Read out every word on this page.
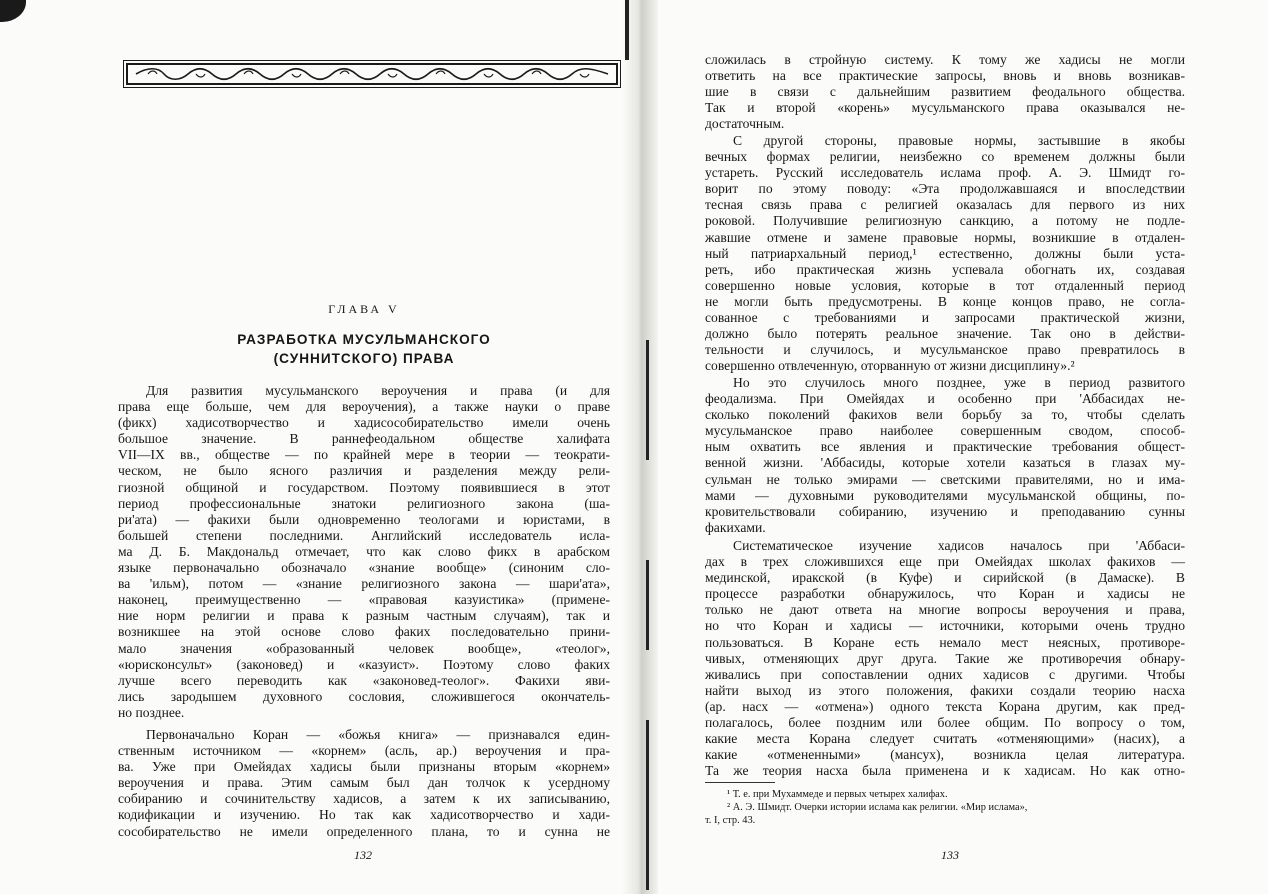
ГЛАВА V
РАЗРАБОТКА МУСУЛЬМАНСКОГО
(СУННИТСКОГО) ПРАВА
Для развития мусульманского вероучения и права (и для
права еще больше, чем для вероучения), а также науки о праве
(фикх) хадисотворчество и хадисособирательство имели очень
большое значение. В раннефеодальном обществе халифата
VII—IX вв., обществе — по крайней мере в теории — теократи-
ческом, не было ясного различия и разделения между рели-
гиозной общиной и государством. Поэтому появившиеся в этот
период профессиональные знатоки религиозного закона (ша-
ри'ата) — факихи были одновременно теологами и юристами, в
большей степени последними. Английский исследователь исла-
ма Д. Б. Макдональд отмечает, что как слово фикх в арабском
языке первоначально обозначало «знание вообще» (синоним сло-
ва 'ильм), потом — «знание религиозного закона — шари'ата»,
наконец, преимущественно — «правовая казуистика» (примене-
ние норм религии и права к разным частным случаям), так и
возникшее на этой основе слово факих последовательно прини-
мало значения «образованный человек вообще», «теолог»,
«юрисконсульт» (законовед) и «казуист». Поэтому слово факих
лучше всего переводить как «законовед-теолог». Факихи яви-
лись зародышем духовного сословия, сложившегося окончатель-
но позднее.
Первоначально Коран — «божья книга» — признавался един-
ственным источником — «корнем» (асль, ар.) вероучения и пра-
ва. Уже при Омейядах хадисы были признаны вторым «корнем»
вероучения и права. Этим самым был дан толчок к усердному
собиранию и сочинительству хадисов, а затем к их записыванию,
кодификации и изучению. Но так как хадисотворчество и хади-
сособирательство не имели определенного плана, то и сунна не
132
сложилась в стройную систему. К тому же хадисы не могли
ответить на все практические запросы, вновь и вновь возникав-
шие в связи с дальнейшим развитием феодального общества.
Так и второй «корень» мусульманского права оказывался не-
достаточным.
С другой стороны, правовые нормы, застывшие в якобы
вечных формах религии, неизбежно со временем должны были
устареть. Русский исследователь ислама проф. А. Э. Шмидт го-
ворит по этому поводу: «Эта продолжавшаяся и впоследствии
тесная связь права с религией оказалась для первого из них
роковой. Получившие религиозную санкцию, а потому не подле-
жавшие отмене и замене правовые нормы, возникшие в отдален-
ный патриархальный период,¹ естественно, должны были уста-
реть, ибо практическая жизнь успевала обогнать их, создавая
совершенно новые условия, которые в тот отдаленный период
не могли быть предусмотрены. В конце концов право, не согла-
сованное с требованиями и запросами практической жизни,
должно было потерять реальное значение. Так оно в действи-
тельности и случилось, и мусульманское право превратилось в
совершенно отвлеченную, оторванную от жизни дисциплину».²
Но это случилось много позднее, уже в период развитого
феодализма. При Омейядах и особенно при 'Аббасидах не-
сколько поколений факихов вели борьбу за то, чтобы сделать
мусульманское право наиболее совершенным сводом, способ-
ным охватить все явления и практические требования общест-
венной жизни. 'Аббасиды, которые хотели казаться в глазах му-
сульман не только эмирами — светскими правителями, но и има-
мами — духовными руководителями мусульманской общины, по-
кровительствовали собиранию, изучению и преподаванию сунны
факихами.
Систематическое изучение хадисов началось при 'Аббаси-
дах в трех сложившихся еще при Омейядах школах факихов —
мединской, иракской (в Куфе) и сирийской (в Дамаске). В
процессе разработки обнаружилось, что Коран и хадисы не
только не дают ответа на многие вопросы вероучения и права,
но что Коран и хадисы — источники, которыми очень трудно
пользоваться. В Коране есть немало мест неясных, противоре-
чивых, отменяющих друг друга. Такие же противоречия обнару-
живались при сопоставлении одних хадисов с другими. Чтобы
найти выход из этого положения, факихи создали теорию насха
(ар. насх — «отмена») одного текста Корана другим, как пред-
полагалось, более поздним или более общим. По вопросу о том,
какие места Корана следует считать «отменяющими» (насих), а
какие «отмененными» (мансух), возникла целая литература.
Та же теория насха была применена и к хадисам. Но как отно-
¹ Т. е. при Мухаммеде и первых четырех халифах.
² А. Э. Шмидт. Очерки истории ислама как религии. «Мир ислама»,
т. I, стр. 43.
133
